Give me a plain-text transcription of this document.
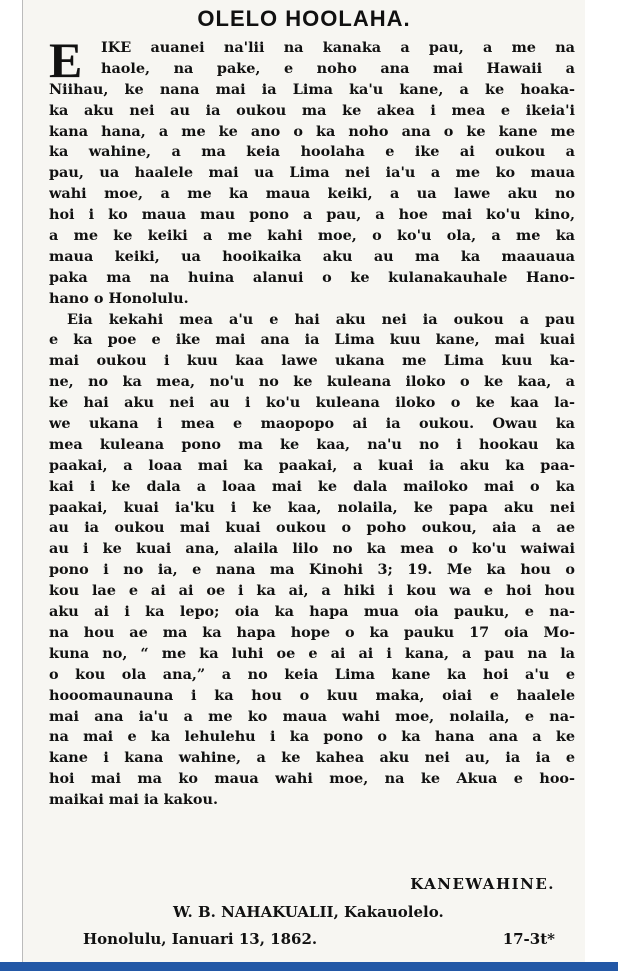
OLELO HOOLAHA.
E	IKE auanei na'lii na kanaka a pau, a me na
haole, na pake, e noho ana mai Hawaii a
Niihau, ke nana mai ia Lima ka'u kane, a ke hoaka-
ka aku nei au ia oukou ma ke akea i mea e ikeia'i
kana hana, a me ke ano o ka noho ana o ke kane me
ka wahine, a ma keia hoolaha e ike ai oukou a
pau, ua haalele mai ua Lima nei ia'u a me ko maua
wahi moe, a me ka maua keiki, a ua lawe aku no
hoi i ko maua mau pono a pau, a hoe mai ko'u kino,
a me ke keiki a me kahi moe, o ko'u ola, a me ka
maua keiki, ua hooikaika aku au ma ka maauaua
paka ma na huina alanui o ke kulanakauhale Hano-
hano o Honolulu.
Eia kekahi mea a'u e hai aku nei ia oukou a pau
e ka poe e ike mai ana ia Lima kuu kane, mai kuai
mai oukou i kuu kaa lawe ukana me Lima kuu ka-
ne, no ka mea, no'u no ke kuleana iloko o ke kaa, a
ke hai aku nei au i ko'u kuleana iloko o ke kaa la-
we ukana i mea e maopopo ai ia oukou. Owau ka
mea kuleana pono ma ke kaa, na'u no i hookau ka
paakai, a loaa mai ka paakai, a kuai ia aku ka paa-
kai i ke dala a loaa mai ke dala mailoko mai o ka
paakai, kuai ia'ku i ke kaa, nolaila, ke papa aku nei
au ia oukou mai kuai oukou o poho oukou, aia a ae
au i ke kuai ana, alaila lilo no ka mea o ko'u waiwai
pono i no ia, e nana ma Kinohi 3; 19. Me ka hou o
kou lae e ai ai oe i ka ai, a hiki i kou wa e hoi hou
aku ai i ka lepo; oia ka hapa mua oia pauku, e na-
na hou ae ma ka hapa hope o ka pauku 17 oia Mo-
kuna no, “ me ka luhi oe e ai ai i kana, a pau na la
o kou ola ana,” a no keia Lima kane ka hoi a'u e
hooomaunauna i ka hou o kuu maka, oiai e haalele
mai ana ia'u a me ko maua wahi moe, nolaila, e na-
na mai e ka lehulehu i ka pono o ka hana ana a ke
kane i kana wahine, a ke kahea aku nei au, ia ia e
hoi mai ma ko maua wahi moe, na ke Akua e hoo-
maikai mai ia kakou.
KANEWAHINE.
W. B. NAHAKUALII, Kakauolelo.
Honolulu, Ianuari 13, 1862.	17-3t*
